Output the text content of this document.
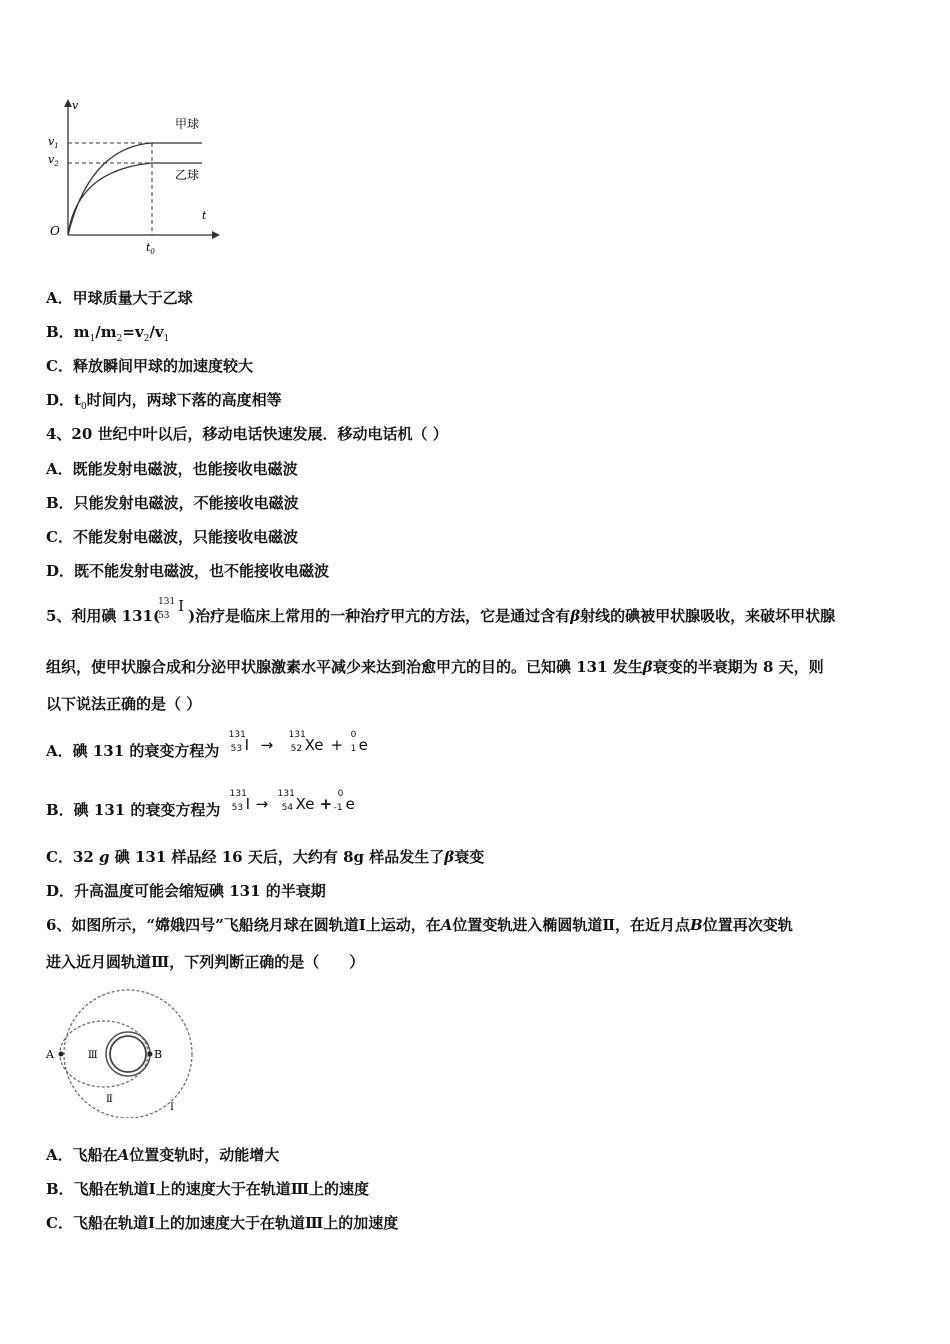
v
t
O
$v_1$
$v_2$
$t_0$
甲球
乙球
A．甲球质量大于乙球
B．$m_1/m_2=v_2/v_1$
C．释放瞬间甲球的加速度较大
D．$t_0$时间内，两球下落的高度相等
4、20 世纪中叶以后，移动电话快速发展．移动电话机（ ）
A．既能发射电磁波，也能接收电磁波
B．只能发射电磁波，不能接收电磁波
C．不能发射电磁波，只能接收电磁波
D．既不能发射电磁波，也不能接收电磁波
5、利用碘 131(
131
53
I
)治疗是临床上常用的一种治疗甲亢的方法，它是通过含有β射线的碘被甲状腺吸收，来破坏甲状腺
组织，使甲状腺合成和分泌甲状腺激素水平减少来达到治愈甲亢的目的。已知碘 131 发生β衰变的半衰期为 8 天，则
以下说法正确的是（ ）
A．碘 131 的衰变方程为
131
53 I →
131
52 Xe +
0
1 e
B．碘 131 的衰变方程为
131
53 I →
131
54 Xe +
0
-1 e
C．32 g 碘 131 样品经 16 天后，大约有 8g 样品发生了β衰变
D．升高温度可能会缩短碘 131 的半衰期
6、如图所示，“嫦娥四号”飞船绕月球在圆轨道Ⅰ上运动，在A位置变轨进入椭圆轨道Ⅱ，在近月点B位置再次变轨
进入近月圆轨道Ⅲ，下列判断正确的是（　　）
A	B
Ⅲ
Ⅱ
Ⅰ
A．飞船在A位置变轨时，动能增大
B．飞船在轨道Ⅰ上的速度大于在轨道Ⅲ上的速度
C．飞船在轨道Ⅰ上的加速度大于在轨道Ⅲ上的加速度
